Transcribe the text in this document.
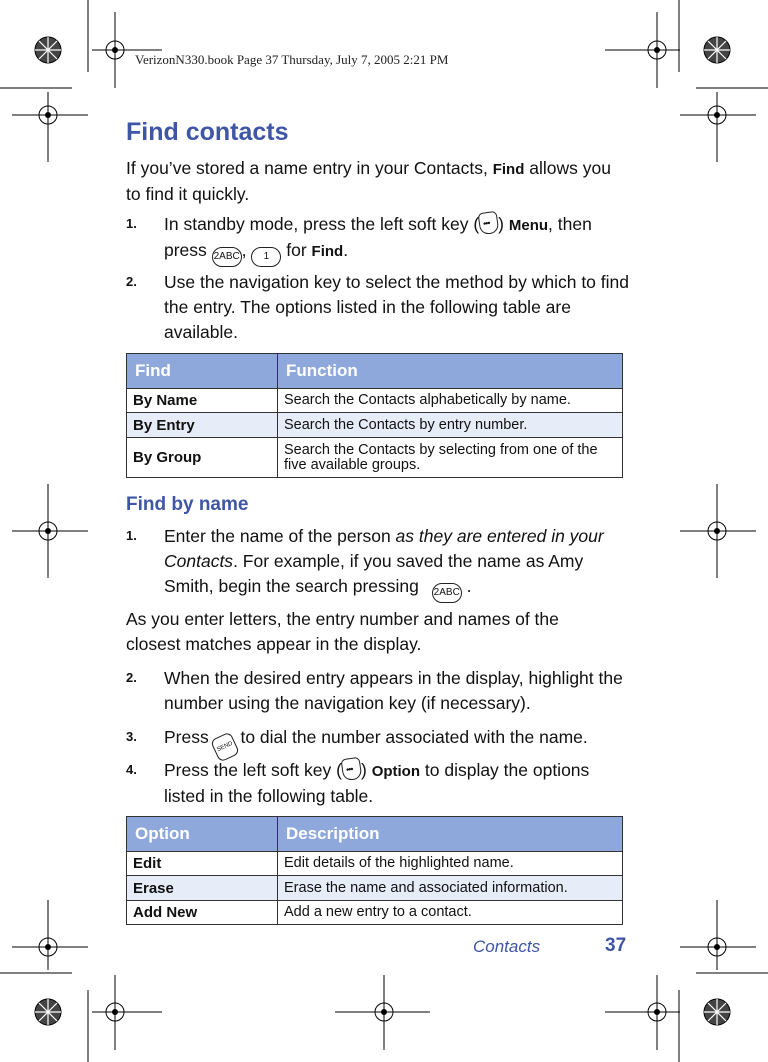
VerizonN330.book Page 37 Thursday, July 7, 2005 2:21 PM
Find contacts
If you’ve stored a name entry in your Contacts, Find allows you to find it quickly.
1. In standby mode, press the left soft key ( ••• ) Menu, then press 2ABC , 1 for Find.
2. Use the navigation key to select the method by which to find the entry. The options listed in the following table are available.
Find	Function
By Name	Search the Contacts alphabetically by name.
By Entry	Search the Contacts by entry number.
By Group	Search the Contacts by selecting from one of the five available groups.
Find by name
1. Enter the name of the person as they are entered in your Contacts. For example, if you saved the name as Amy Smith, begin the search pressing 2ABC .
As you enter letters, the entry number and names of the closest matches appear in the display.
2. When the desired entry appears in the display, highlight the number using the navigation key (if necessary).
3. Press SEND to dial the number associated with the name.
4. Press the left soft key ( ••• ) Option to display the options listed in the following table.
Option	Description
Edit	Edit details of the highlighted name.
Erase	Erase the name and associated information.
Add New	Add a new entry to a contact.
Contacts	37
